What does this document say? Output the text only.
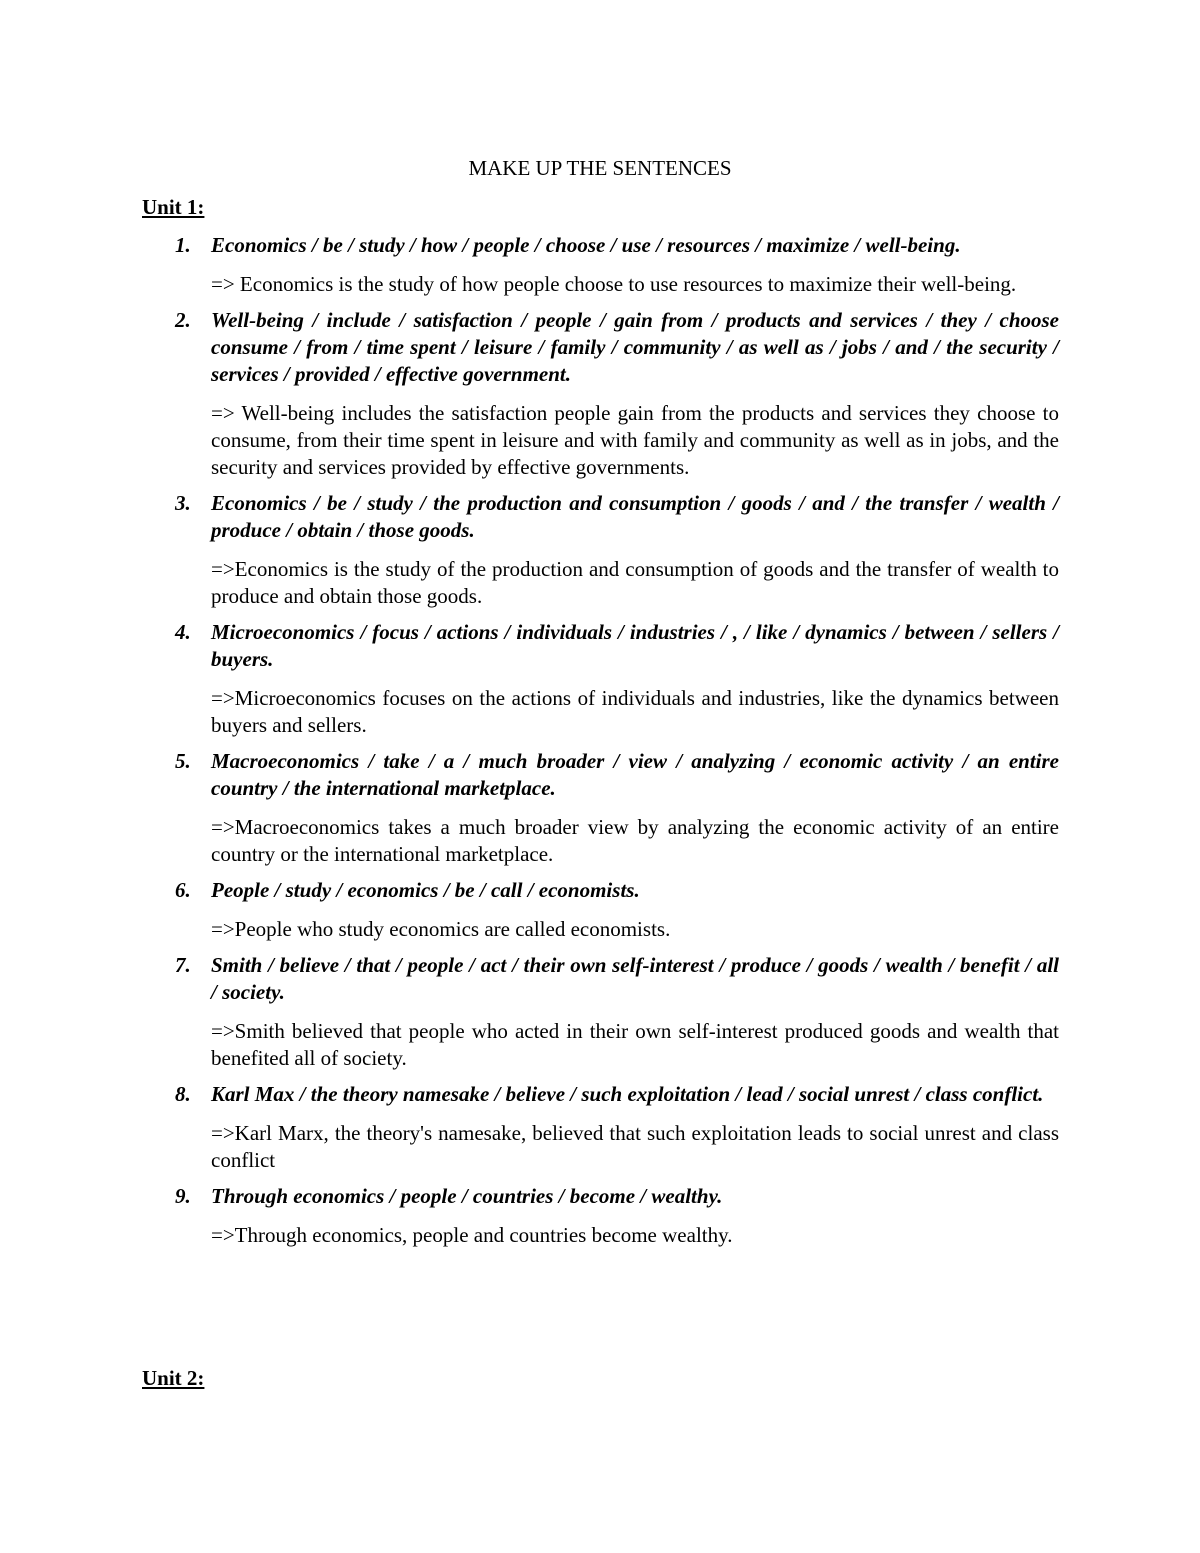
MAKE UP THE SENTENCES
Unit 1:
1. Economics / be / study / how / people / choose / use / resources / maximize / well-being.

=> Economics is the study of how people choose to use resources to maximize their well-being.

2. Well-being / include / satisfaction / people / gain from / products and services / they / choose consume / from / time spent / leisure / family / community / as well as / jobs / and / the security / services / provided / effective government.

=> Well-being includes the satisfaction people gain from the products and services they choose to consume, from their time spent in leisure and with family and community as well as in jobs, and the security and services provided by effective governments.

3. Economics / be / study / the production and consumption / goods / and / the transfer / wealth / produce / obtain / those goods.

=>Economics is the study of the production and consumption of goods and the transfer of wealth to produce and obtain those goods.

4. Microeconomics / focus / actions / individuals / industries / , / like / dynamics / between / sellers / buyers.

=>Microeconomics focuses on the actions of individuals and industries, like the dynamics between buyers and sellers.

5. Macroeconomics / take / a / much broader / view / analyzing / economic activity / an entire country / the international marketplace.

=>Macroeconomics takes a much broader view by analyzing the economic activity of an entire country or the international marketplace.

6. People / study / economics / be / call / economists.

=>People who study economics are called economists.

7. Smith / believe / that / people / act / their own self-interest / produce / goods / wealth / benefit / all / society.

=>Smith believed that people who acted in their own self-interest produced goods and wealth that benefited all of society.

8. Karl Max / the theory namesake / believe / such exploitation / lead / social unrest / class conflict.

=>Karl Marx, the theory's namesake, believed that such exploitation leads to social unrest and class conflict

9. Through economics / people / countries / become / wealthy.

=>Through economics, people and countries become wealthy.

Unit 2:
